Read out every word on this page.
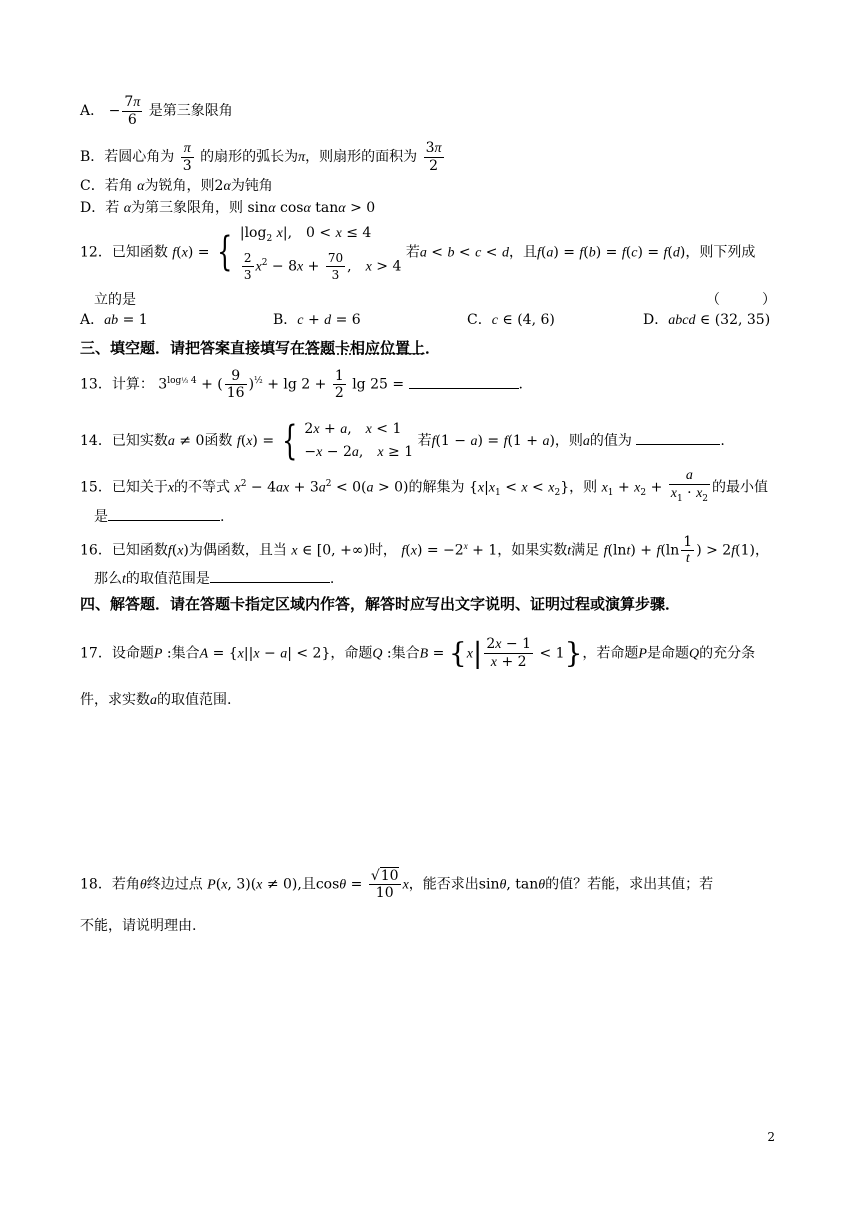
A． − $\frac{7\pi}{6}$ 是第三象限角
B．若圆心角为 $\frac{\pi}{3}$ 的扇形的弧长为π，则扇形的面积为 $\frac{3\pi}{2}$
C．若角 α为锐角，则2α为钝角
D．若 α为第三象限角，则 sinα cosα tanα > 0
12．已知函数 f(x) = { $|\log_2$ x|,　0 < x ≤ 4
$\frac{2}{3} x^2 - 8x + \frac{70}{3}$ ,　x > 4
若a < b < c < d，且f(a) = f(b) = f(c) = f(d)，则下列成
立的是	（　　　）
A．ab = 1	B．c + d = 6	C．c ∈ (4, 6)	D．abcd ∈ (32, 35)
三、填空题．请把答案直接填写在答题卡相应位置上．
13．计算： $3^{log\frac{1}{3} 4}$ + ( $\frac{9}{16} )^{\frac{1}{2}} + \lg 2 + \frac{1}{2}$ lg 25 =	.
14．已知实数a ≠ 0函数 f(x) = { 2x + a,　x < 1
−x − 2a,　x ≥ 1
若f(1 − a) = f(1 + a)，则a的值为	.
15．已知关于x的不等式 $x^2 - 4ax + 3a^2 < 0(a > 0)$的解集为 $\{x|x_1 < x < x_2\}$，则 $x_1 + x_2 + \frac{a}{x_1 \cdot x_2}$ 的最小值
是	.
16．已知函数f(x)为偶函数，且当 x ∈ [0, +∞)时， $f(x) = -2^x + 1$，如果实数t满足 $f(\ln t) + f(\ln \frac{1}{t}$ ) > 2f(1)，
那么t的取值范围是	.
四、解答题．请在答题卡指定区域内作答，解答时应写出文字说明、证明过程或演算步骤．
17．设命题P :集合A = {x||x − a| < 2}，命题Q :集合$B = \{x| \frac{2x - 1}{x + 2} < 1\}$，若命题P是命题Q的充分条
件，求实数a的取值范围.
18．若角θ终边过点 P(x, 3)(x ≠ 0),且$\cos\theta = \frac{√10}{10}$ x，能否求出sinθ, tanθ的值？若能，求出其值；若
不能，请说明理由.
2
